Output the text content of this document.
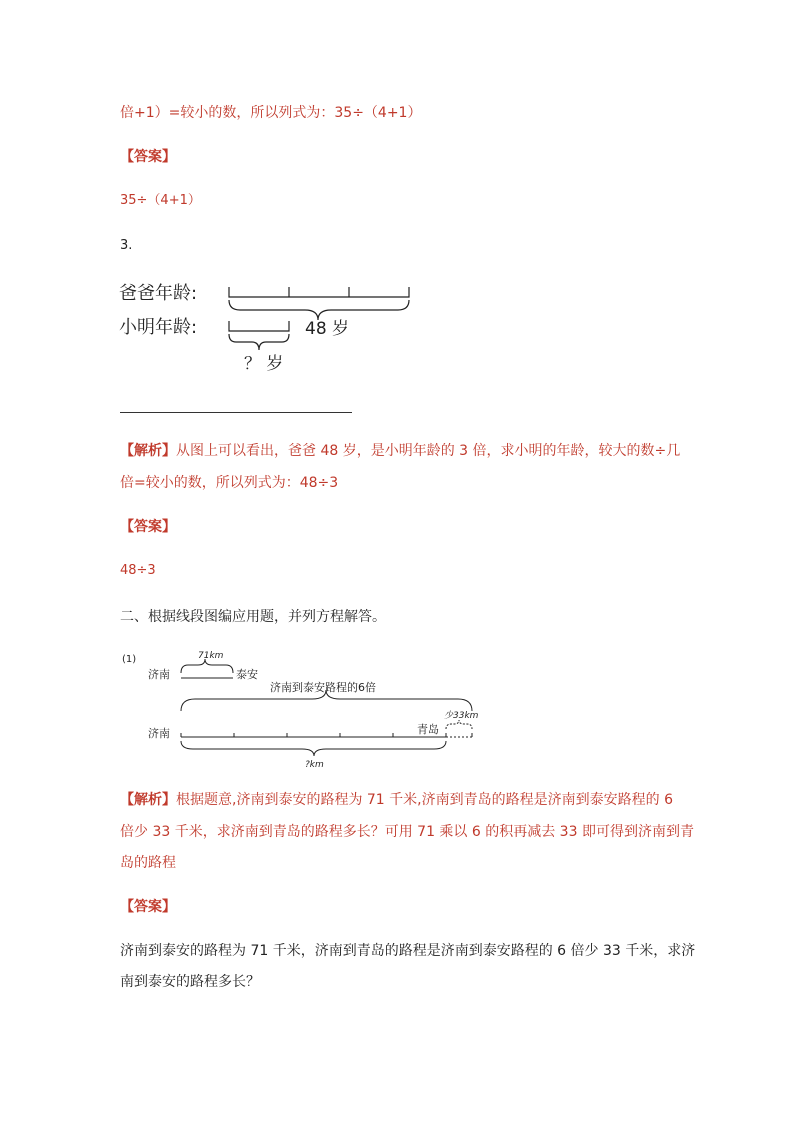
倍+1）=较小的数，所以列式为：35÷（4+1）
【答案】
35÷（4+1）
3.
爸爸年龄:
小明年龄:	48 岁
？ 岁
【解析】从图上可以看出，爸爸 48 岁，是小明年龄的 3 倍，求小明的年龄，较大的数÷几
倍=较小的数，所以列式为：48÷3
【答案】
48÷3
二、根据线段图编应用题，并列方程解答。
(1)
济南
71km
泰安
济南到泰安路程的6倍
济南	青岛
少33km
?km
【解析】根据题意,济南到泰安的路程为 71 千米,济南到青岛的路程是济南到泰安路程的 6
倍少 33 千米，求济南到青岛的路程多长？可用 71 乘以 6 的积再减去 33 即可得到济南到青
岛的路程
【答案】
济南到泰安的路程为 71 千米，济南到青岛的路程是济南到泰安路程的 6 倍少 33 千米，求济
南到泰安的路程多长？
